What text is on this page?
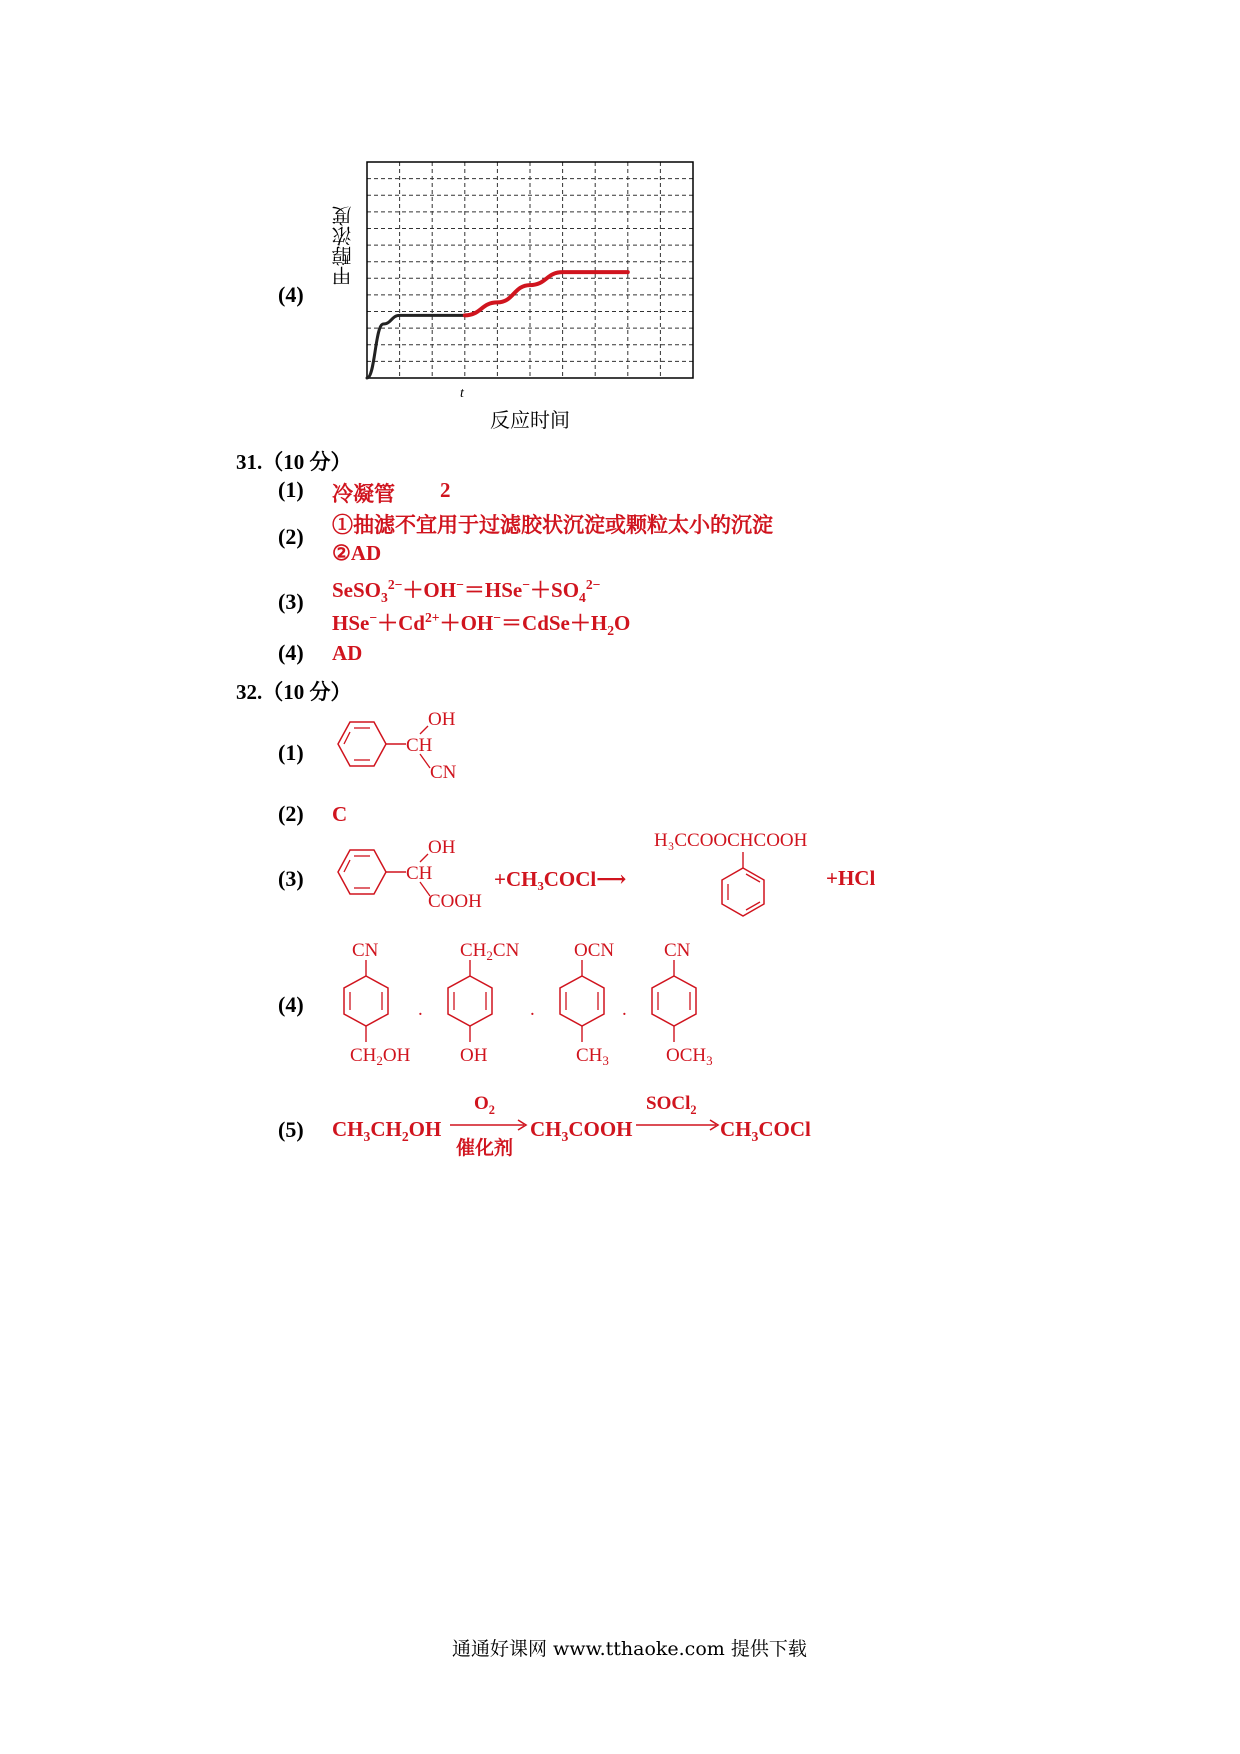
(4)
甲醇浓度
t
反应时间
31.（10 分）
(1) 冷凝管 2
(2) ①抽滤不宜用于过滤胶状沉淀或颗粒太小的沉淀
②AD
(3) $SeSO_3^{2-}+OH^-=HSe^-+SO_4^{2-}$
$HSe^-+Cd^{2+}+OH^-=CdSe+H_2O$
(4) AD
32.（10 分）
(1)	CH
OH
CN
(2) C
(3)	CH
OH
COOH
+CH₃COCl⟶
H₃CCOOCHCOOH
+HCl
(4)
CN
$CH_2OH$
.
$CH_2CN$
OH
.
OCN
$CH_3$
.
CN
$OCH_3$
(5) $CH_3CH_2OH$
$O_2$
催化剂
$CH_3COOH$
SOCl$_2$
$CH_3COCl$
通通好课网 www.tthaoke.com 提供下载
